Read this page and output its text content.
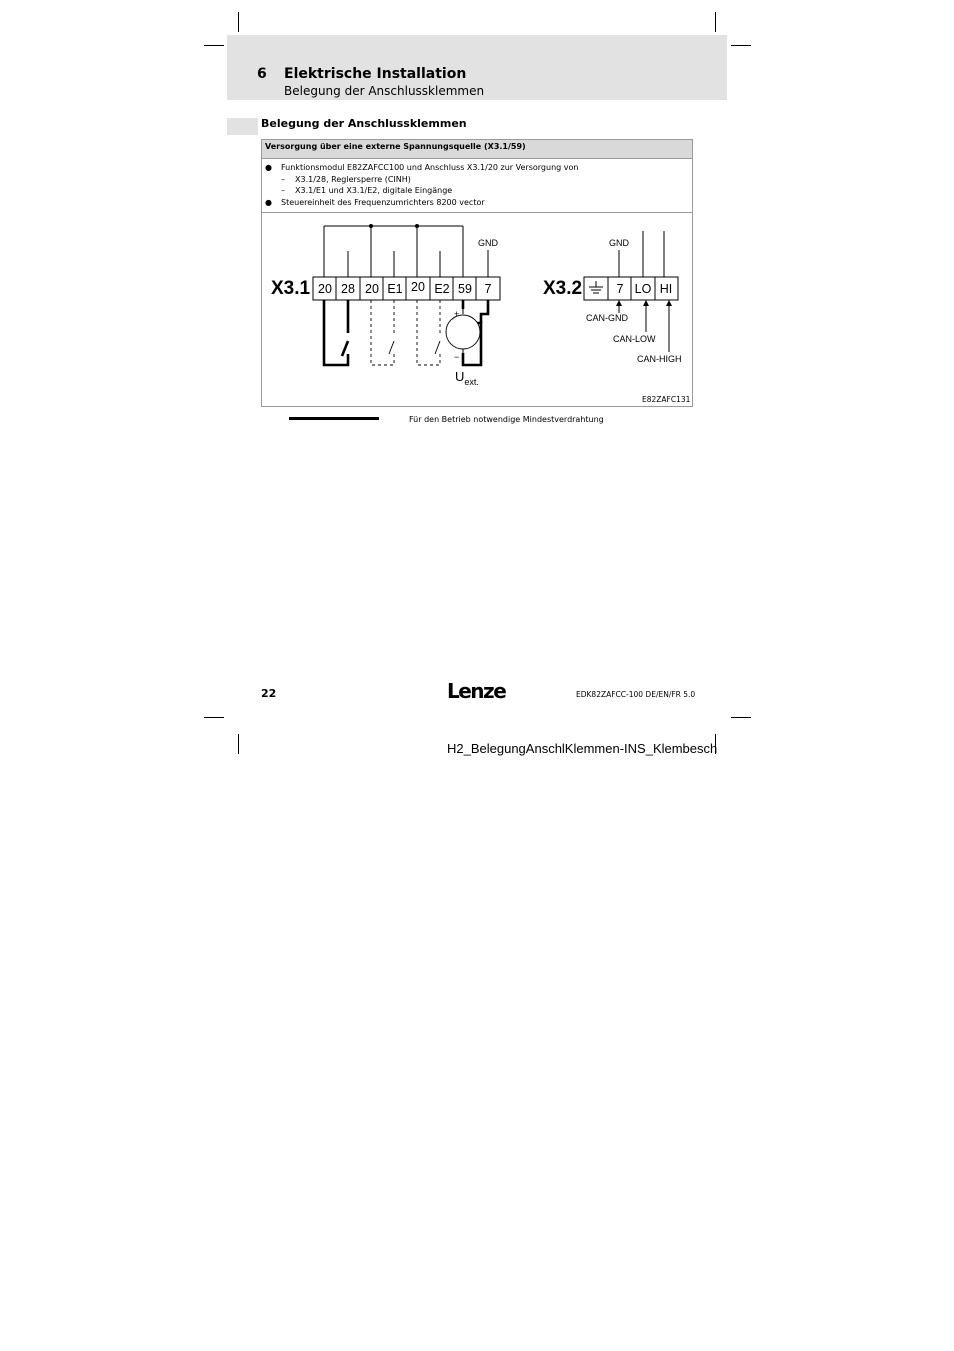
6 Elektrische Installation
Belegung der Anschlussklemmen
Belegung der Anschlussklemmen
Versorgung über eine externe Spannungsquelle (X3.1/59)
● Funktionsmodul E82ZAFCC100 und Anschluss X3.1/20 zur Versorgung von
– X3.1/28, Reglersperre (CINH)
– X3.1/E1 und X3.1/E2, digitale Eingänge
● Steuereinheit des Frequenzumrichters 8200 vector
X3.1 20 28 20 E1 20 E2 59 7
GND
+
−
$U_{ext.}$
X3.2	7 LO HI
GND
CAN-GND
CAN-LOW
CAN-HIGH
E82ZAFC131
Für den Betrieb notwendige Mindestverdrahtung
22	Lenze	EDK82ZAFCC-100 DE/EN/FR 5.0
H2_BelegungAnschlKlemmen-INS_Klembesch
